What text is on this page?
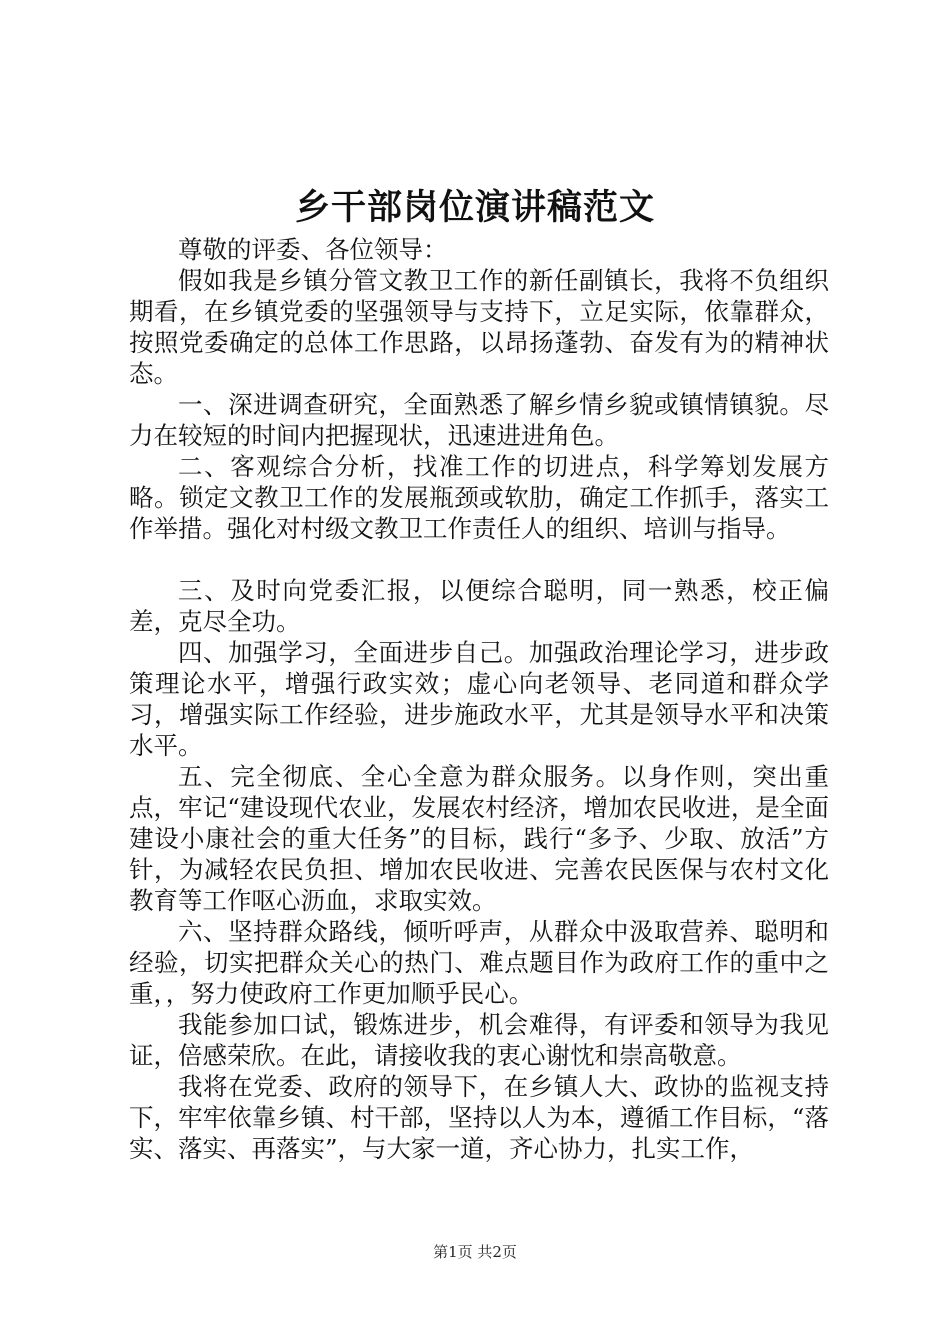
乡干部岗位演讲稿范文

尊敬的评委、各位领导：

假如我是乡镇分管文教卫工作的新任副镇长，我将不负组织期看，在乡镇党委的坚强领导与支持下，立足实际，依靠群众，按照党委确定的总体工作思路，以昂扬蓬勃、奋发有为的精神状态。

一、深进调查研究，全面熟悉了解乡情乡貌或镇情镇貌。尽力在较短的时间内把握现状，迅速进进角色。

二、客观综合分析，找准工作的切进点，科学筹划发展方略。锁定文教卫工作的发展瓶颈或软肋，确定工作抓手，落实工作举措。强化对村级文教卫工作责任人的组织、培训与指导。

三、及时向党委汇报，以便综合聪明，同一熟悉，校正偏差，克尽全功。

四、加强学习，全面进步自己。加强政治理论学习，进步政策理论水平，增强行政实效；虚心向老领导、老同道和群众学习，增强实际工作经验，进步施政水平，尤其是领导水平和决策水平。

五、完全彻底、全心全意为群众服务。以身作则，突出重点，牢记“建设现代农业，发展农村经济，增加农民收进，是全面建设小康社会的重大任务”的目标，践行“多予、少取、放活”方针，为减轻农民负担、增加农民收进、完善农民医保与农村文化教育等工作呕心沥血，求取实效。

六、坚持群众路线，倾听呼声，从群众中汲取营养、聪明和经验，切实把群众关心的热门、难点题目作为政府工作的重中之重，，努力使政府工作更加顺乎民心。

我能参加口试，锻炼进步，机会难得，有评委和领导为我见证，倍感荣欣。在此，请接收我的衷心谢忱和崇高敬意。

我将在党委、政府的领导下，在乡镇人大、政协的监视支持下，牢牢依靠乡镇、村干部，坚持以人为本，遵循工作目标，“落实、落实、再落实”，与大家一道，齐心协力，扎实工作，

第1页 共2页
